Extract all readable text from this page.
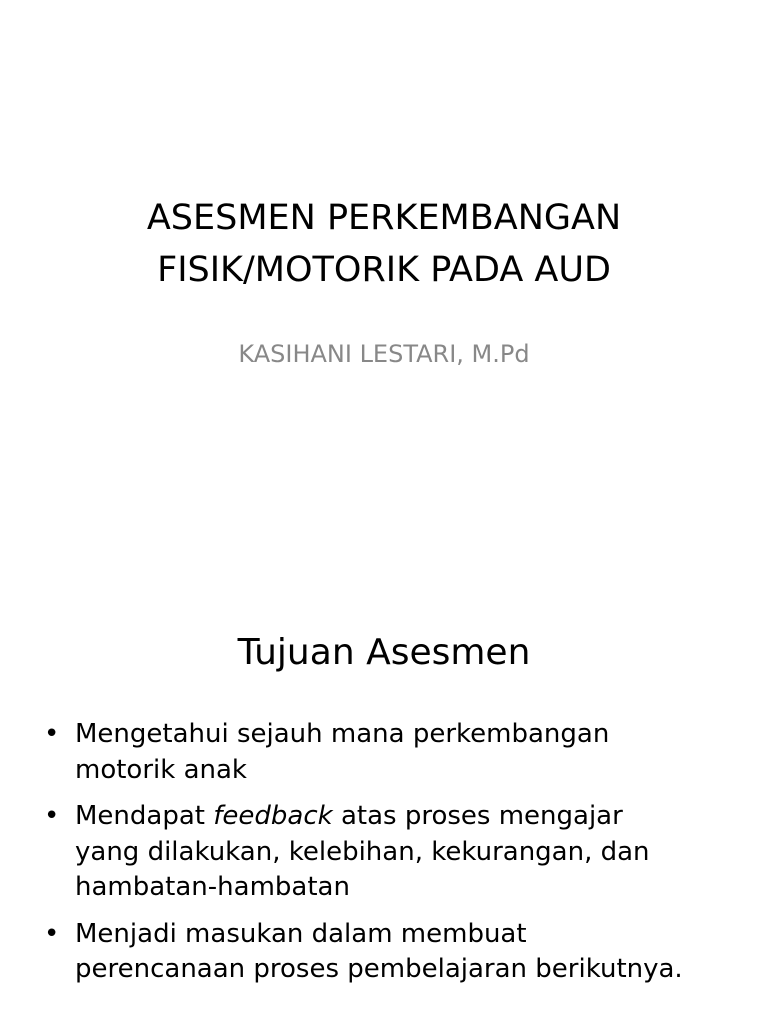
ASESMEN PERKEMBANGAN
FISIK/MOTORIK PADA AUD
KASIHANI LESTARI, M.Pd
Tujuan Asesmen
• Mengetahui sejauh mana perkembangan
motorik anak
• Mendapat feedback atas proses mengajar
yang dilakukan, kelebihan, kekurangan, dan
hambatan-hambatan
• Menjadi masukan dalam membuat
perencanaan proses pembelajaran berikutnya.
